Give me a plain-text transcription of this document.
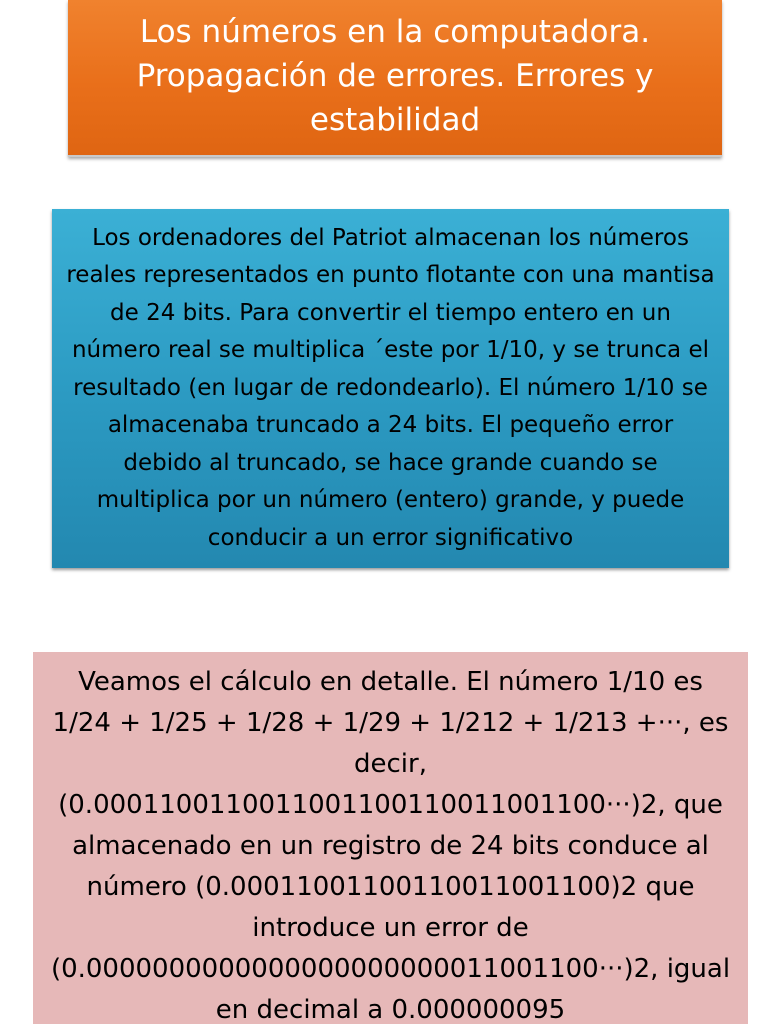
Los números en la computadora. Propagación de errores. Errores y estabilidad
Los ordenadores del Patriot almacenan los números reales representados en punto flotante con una mantisa de 24 bits. Para convertir el tiempo entero en un número real se multiplica ´este por 1/10, y se trunca el resultado (en lugar de redondearlo). El número 1/10 se almacenaba truncado a 24 bits. El pequeño error debido al truncado, se hace grande cuando se multiplica por un número (entero) grande, y puede conducir a un error significativo
Veamos el cálculo en detalle. El número 1/10 es 1/24 + 1/25 + 1/28 + 1/29 + 1/212 + 1/213 +···, es decir, (0.0001100110011001100110011001100···)2, que almacenado en un registro de 24 bits conduce al número (0.00011001100110011001100)2 que introduce un error de (0.0000000000000000000000011001100···)2, igual en decimal a 0.000000095
